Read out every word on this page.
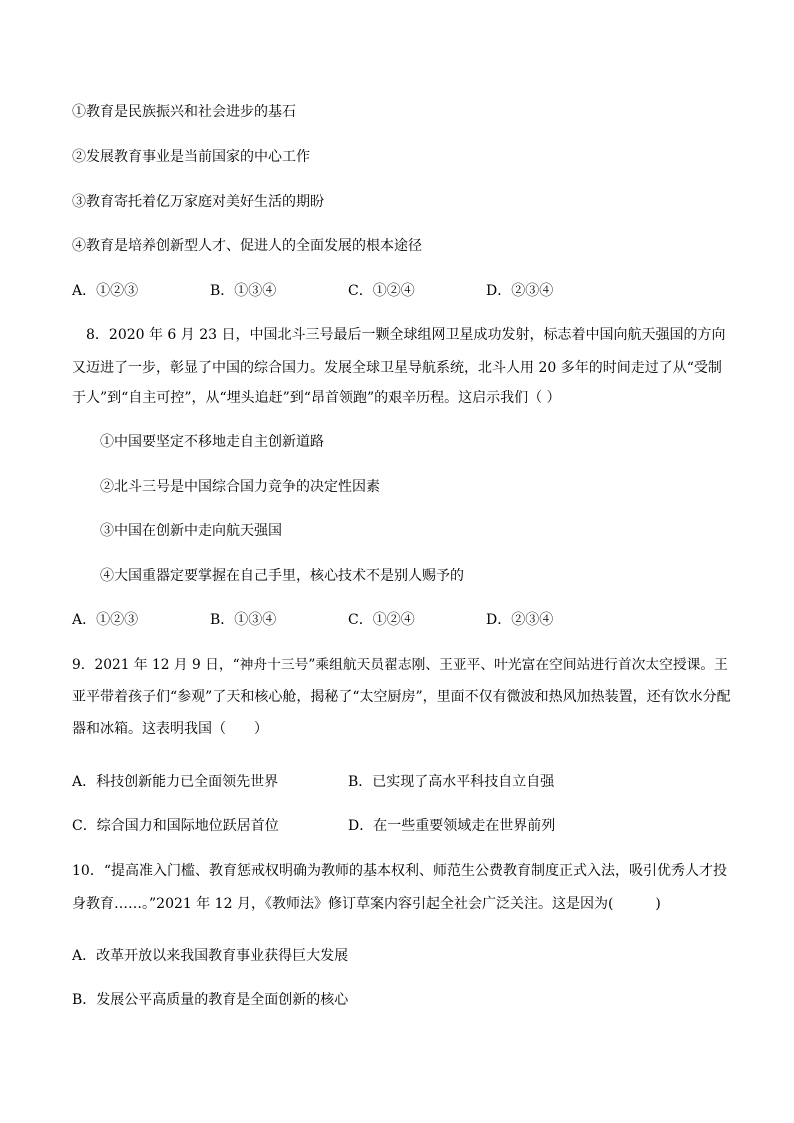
①教育是民族振兴和社会进步的基石
②发展教育事业是当前国家的中心工作
③教育寄托着亿万家庭对美好生活的期盼
④教育是培养创新型人才、促进人的全面发展的根本途径
A．①②③	B．①③④	C．①②④	D．②③④
8．2020 年 6 月 23 日，中国北斗三号最后一颗全球组网卫星成功发射，标志着中国向航天强国的方向
又迈进了一步，彰显了中国的综合国力。发展全球卫星导航系统，北斗人用 20 多年的时间走过了从“受制
于人”到“自主可控”，从“埋头追赶”到“昂首领跑”的艰辛历程。这启示我们（ ）
①中国要坚定不移地走自主创新道路
②北斗三号是中国综合国力竞争的决定性因素
③中国在创新中走向航天强国
④大国重器定要掌握在自己手里，核心技术不是别人赐予的
A．①②③	B．①③④	C．①②④	D．②③④
9．2021 年 12 月 9 日，“神舟十三号”乘组航天员翟志刚、王亚平、叶光富在空间站进行首次太空授课。王
亚平带着孩子们“参观”了天和核心舱，揭秘了“太空厨房”，里面不仅有微波和热风加热装置，还有饮水分配
器和冰箱。这表明我国（　　）
A．科技创新能力已全面领先世界	B．已实现了高水平科技自立自强
C．综合国力和国际地位跃居首位	D．在一些重要领域走在世界前列
10．“提高准入门槛、教育惩戒权明确为教师的基本权利、师范生公费教育制度正式入法，吸引优秀人才投
身教育……。”2021 年 12 月，《教师法》修订草案内容引起全社会广泛关注。这是因为(　　　)
A．改革开放以来我国教育事业获得巨大发展
B．发展公平高质量的教育是全面创新的核心
